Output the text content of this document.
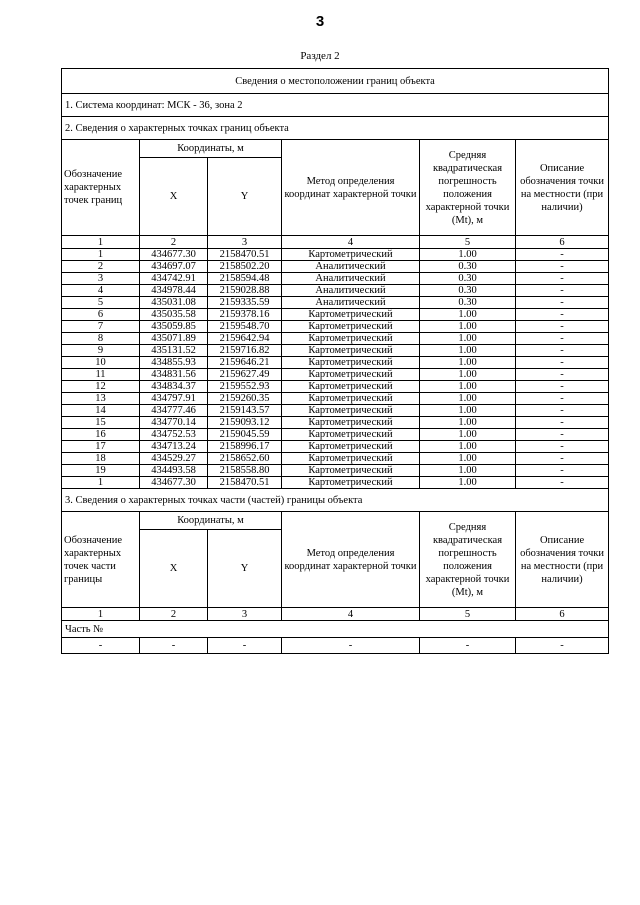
3
Раздел 2
Сведения о местоположении границ объекта					
1. Система координат: МСК - 36, зона 2					
2. Сведения о характерных точках границ объекта					
Обозначение характерных точек границ	Координаты, м		Метод определения координат характерной точки	Средняя квадратическая погрешность положения характерной точки (Mt), м	Описание обозначения точки на местности (при наличии)
	X	Y			
1	2	3	4	5	6
1	434677.30	2158470.51	Картометрический	1.00	-
2	434697.07	2158502.20	Аналитический	0.30	-
3	434742.91	2158594.48	Аналитический	0.30	-
4	434978.44	2159028.88	Аналитический	0.30	-
5	435031.08	2159335.59	Аналитический	0.30	-
6	435035.58	2159378.16	Картометрический	1.00	-
7	435059.85	2159548.70	Картометрический	1.00	-
8	435071.89	2159642.94	Картометрический	1.00	-
9	435131.52	2159716.82	Картометрический	1.00	-
10	434855.93	2159646.21	Картометрический	1.00	-
11	434831.56	2159627.49	Картометрический	1.00	-
12	434834.37	2159552.93	Картометрический	1.00	-
13	434797.91	2159260.35	Картометрический	1.00	-
14	434777.46	2159143.57	Картометрический	1.00	-
15	434770.14	2159093.12	Картометрический	1.00	-
16	434752.53	2159045.59	Картометрический	1.00	-
17	434713.24	2158996.17	Картометрический	1.00	-
18	434529.27	2158652.60	Картометрический	1.00	-
19	434493.58	2158558.80	Картометрический	1.00	-
1	434677.30	2158470.51	Картометрический	1.00	-
3. Сведения о характерных точках части (частей) границы объекта					
Обозначение характерных точек части границы	Координаты, м		Метод определения координат характерной точки	Средняя квадратическая погрешность положения характерной точки (Mt), м	Описание обозначения точки на местности (при наличии)
	X	Y			
1	2	3	4	5	6
Часть №					
-	-	-	-	-	-
